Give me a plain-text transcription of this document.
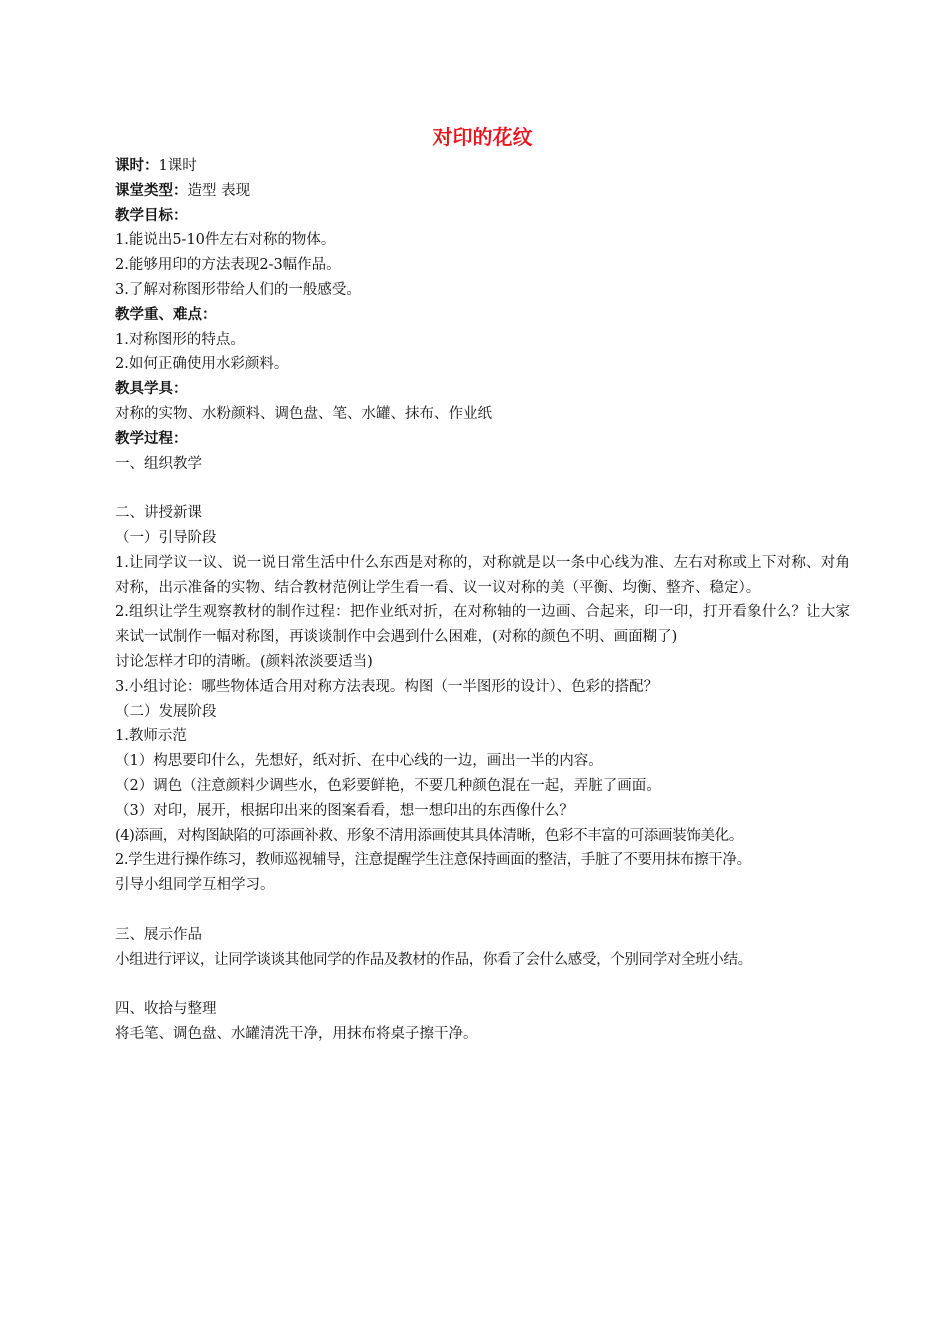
对印的花纹

课时：1课时

课堂类型：造型 表现

教学目标：

1.能说出5-10件左右对称的物体。

2.能够用印的方法表现2-3幅作品。

3.了解对称图形带给人们的一般感受。

教学重、难点：

1.对称图形的特点。

2.如何正确使用水彩颜料。

教具学具：

对称的实物、水粉颜料、调色盘、笔、水罐、抹布、作业纸

教学过程：

一、组织教学

二、讲授新课

（一）引导阶段

1.让同学议一议、说一说日常生活中什么东西是对称的，对称就是以一条中心线为准、左右对称或上下对称、对角对称，出示准备的实物、结合教材范例让学生看一看、议一议对称的美（平衡、均衡、整齐、稳定）。

2.组织让学生观察教材的制作过程：把作业纸对折，在对称轴的一边画、合起来，印一印，打开看象什么？让大家来试一试制作一幅对称图，再谈谈制作中会遇到什么困难，(对称的颜色不明、画面糊了)

讨论怎样才印的清晰。(颜料浓淡要适当)

3.小组讨论：哪些物体适合用对称方法表现。构图（一半图形的设计）、色彩的搭配？

（二）发展阶段

1.教师示范

（1）构思要印什么，先想好，纸对折、在中心线的一边，画出一半的内容。

（2）调色（注意颜料少调些水，色彩要鲜艳，不要几种颜色混在一起，弄脏了画面。

（3）对印，展开，根据印出来的图案看看，想一想印出的东西像什么？

(4)添画，对构图缺陷的可添画补救、形象不清用添画使其具体清晰，色彩不丰富的可添画装饰美化。

2.学生进行操作练习，教师巡视辅导，注意提醒学生注意保持画面的整洁，手脏了不要用抹布擦干净。

引导小组同学互相学习。

三、展示作品

小组进行评议，让同学谈谈其他同学的作品及教材的作品，你看了会什么感受，个别同学对全班小结。

四、收拾与整理

将毛笔、调色盘、水罐清洗干净，用抹布将桌子擦干净。
